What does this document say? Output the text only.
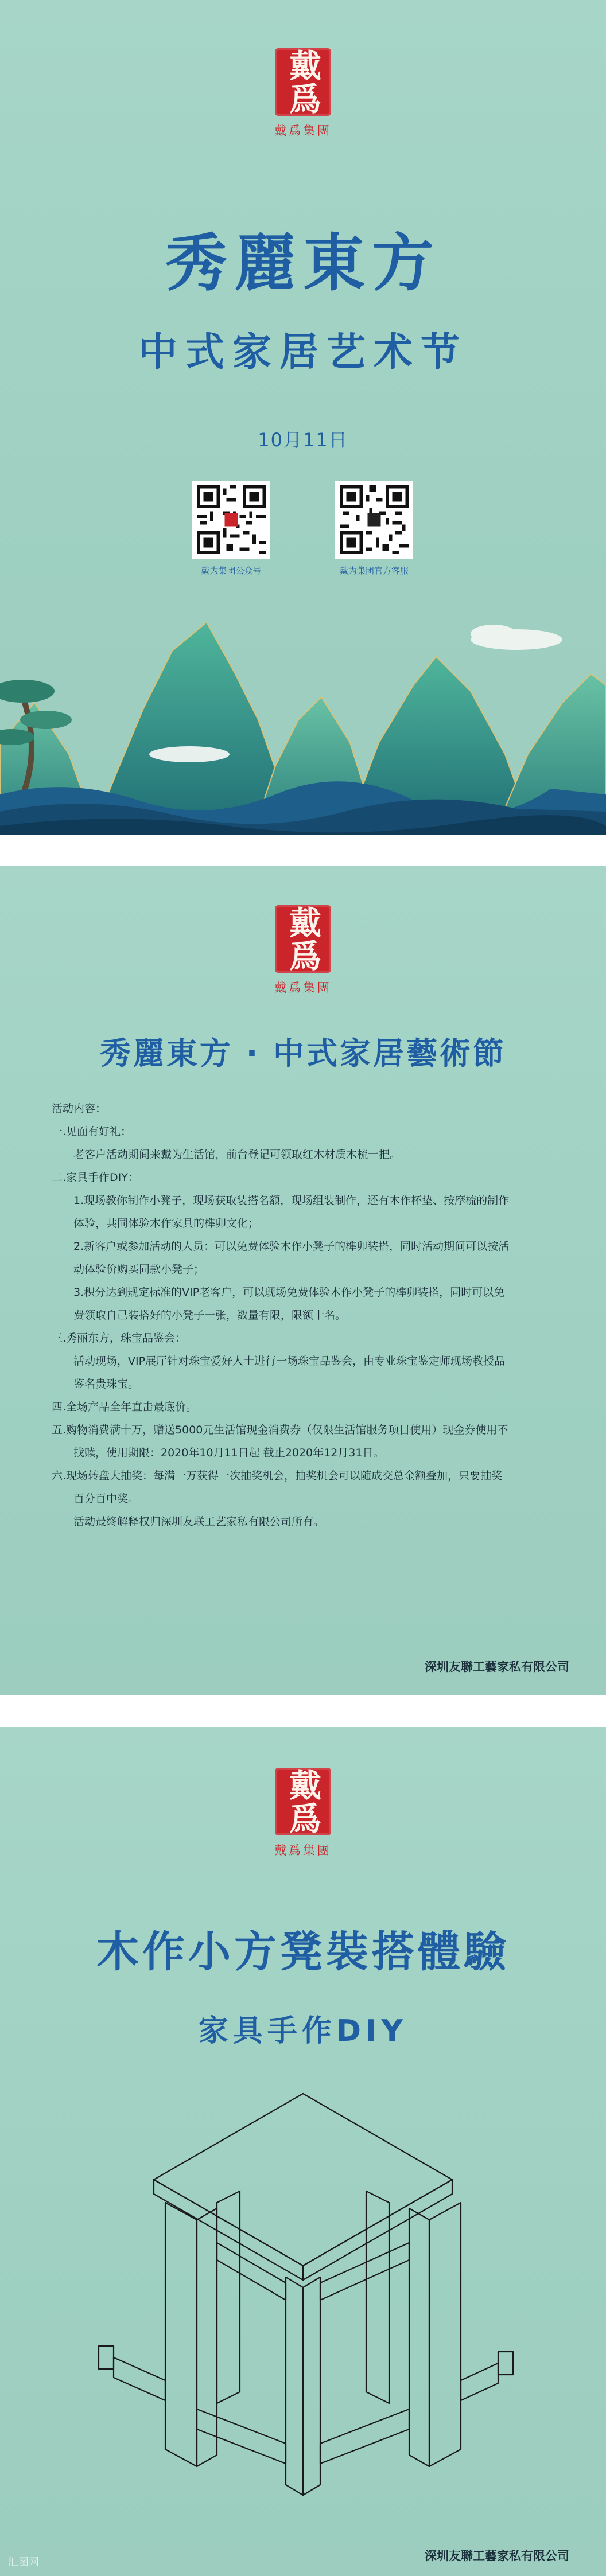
戴爲
戴爲集團
秀麗東方
中式家居艺术节
10月11日
戴为集团公众号	戴为集团官方客服
戴爲
戴爲集團
秀麗東方 · 中式家居藝術節
活动内容：
一.见面有好礼：
老客户活动期间来戴为生活馆，前台登记可领取红木材质木梳一把。
二.家具手作DIY：
1.现场教你制作小凳子，现场获取装搭名额，现场组装制作，还有木作杯垫、按摩梳的制作
体验，共同体验木作家具的榫卯文化；
2.新客户或参加活动的人员：可以免费体验木作小凳子的榫卯装搭，同时活动期间可以按活
动体验价购买同款小凳子；
3.积分达到规定标准的VIP老客户，可以现场免费体验木作小凳子的榫卯装搭，同时可以免
费领取自己装搭好的小凳子一张，数量有限，限额十名。
三.秀丽东方，珠宝品鉴会：
活动现场，VIP展厅针对珠宝爱好人士进行一场珠宝品鉴会，由专业珠宝鉴定师现场教授品
鉴名贵珠宝。
四.全场产品全年直击最底价。
五.购物消费满十万，赠送5000元生活馆现金消费券（仅限生活馆服务项目使用）现金券使用不
找赎，使用期限：2020年10月11日起 截止2020年12月31日。
六.现场转盘大抽奖：每满一万获得一次抽奖机会，抽奖机会可以随成交总金额叠加，只要抽奖
百分百中奖。
活动最终解释权归深圳友联工艺家私有限公司所有。
深圳友聯工藝家私有限公司
戴爲
戴爲集團
木作小方凳裝搭體驗
家具手作DIY
深圳友聯工藝家私有限公司
汇图网
